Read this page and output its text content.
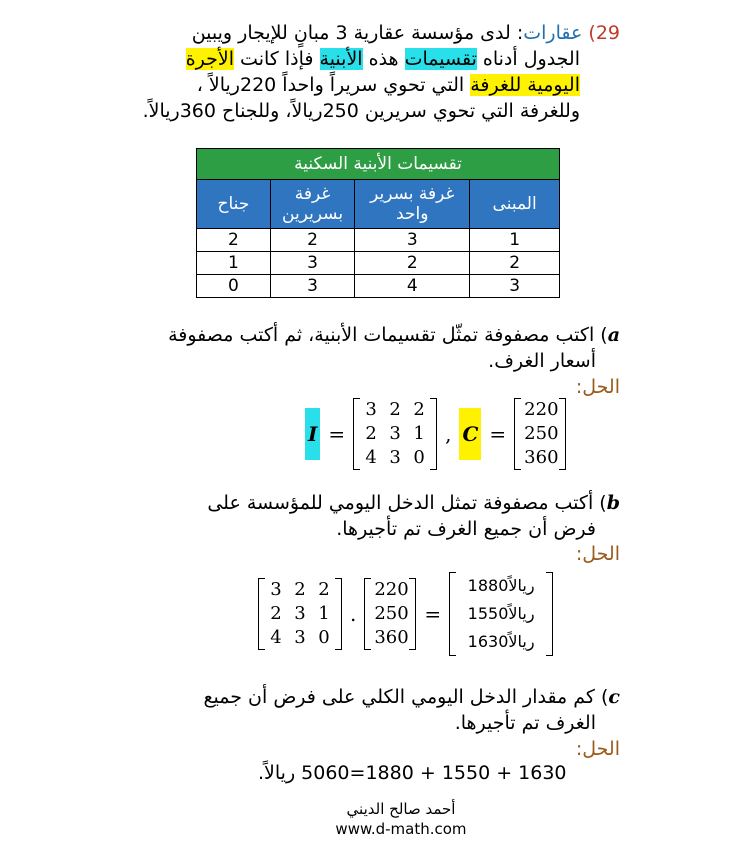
29) عقارات: لدى مؤسسة عقارية 3 مبانٍ للإيجار ويبين
الجدول أدناه تقسيمات هذه الأبنية فإذا كانت الأجرة
اليومية للغرفة التي تحوي سريراً واحداً 220ريالاً ،
وللغرفة التي تحوي سريرين 250ريالاً، وللجناح 360ريالاً.
تقسيمات الأبنية السكنية			
المبنى	غرفة بسرير واحد	غرفة بسريرين	جناح
1	3	2	2
2	2	3	1
3	4	3	0
a) اكتب مصفوفة تمثّل تقسيمات الأبنية، ثم أكتب مصفوفة
أسعار الغرف.
الحل:
I =
3 2 2
2 3 1
4 3 0
, C =
220
250
360
b) أكتب مصفوفة تمثل الدخل اليومي للمؤسسة على
فرض أن جميع الغرف تم تأجيرها.
الحل:
3 2 2
2 3 1
4 3 0
.
220
250
360
=
1880ريالاً
1550ريالاً
1630ريالاً
c) كم مقدار الدخل اليومي الكلي على فرض أن جميع
الغرف تم تأجيرها.
الحل:
1630 + 1550 + 1880=5060 ريالاً.
أحمد صالح الديني
www.d-math.com
